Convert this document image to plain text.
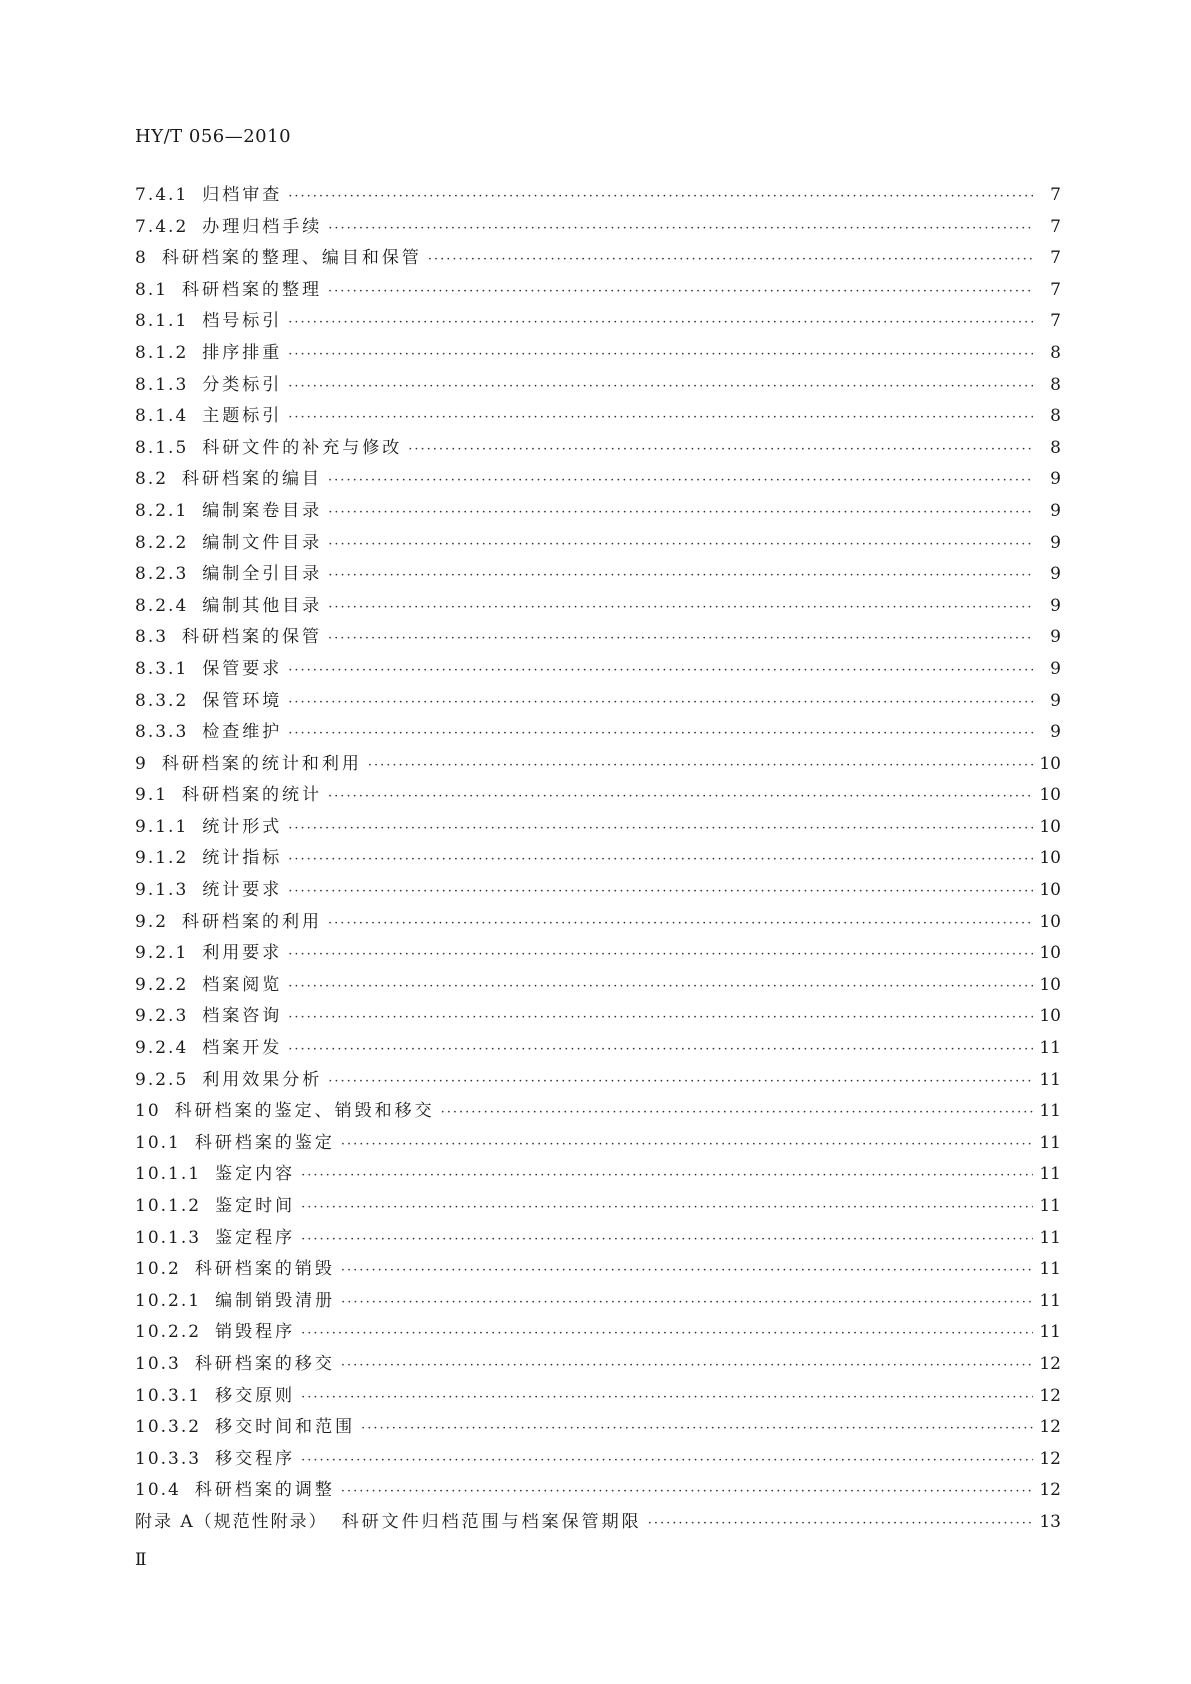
HY/T 056—2010
7.4.1 归档审查 ·····	7
7.4.2 办理归档手续 ·····	7
8 科研档案的整理、编目和保管 ·····	7
8.1 科研档案的整理 ·····	7
8.1.1 档号标引 ·····	7
8.1.2 排序排重 ·····	8
8.1.3 分类标引 ·····	8
8.1.4 主题标引 ·····	8
8.1.5 科研文件的补充与修改 ·····	8
8.2 科研档案的编目 ·····	9
8.2.1 编制案卷目录 ·····	9
8.2.2 编制文件目录 ·····	9
8.2.3 编制全引目录 ·····	9
8.2.4 编制其他目录 ·····	9
8.3 科研档案的保管 ·····	9
8.3.1 保管要求 ·····	9
8.3.2 保管环境 ·····	9
8.3.3 检查维护 ·····	9
9 科研档案的统计和利用 ·····	10
9.1 科研档案的统计 ·····	10
9.1.1 统计形式 ·····	10
9.1.2 统计指标 ·····	10
9.1.3 统计要求 ·····	10
9.2 科研档案的利用 ·····	10
9.2.1 利用要求 ·····	10
9.2.2 档案阅览 ·····	10
9.2.3 档案咨询 ·····	10
9.2.4 档案开发 ·····	11
9.2.5 利用效果分析 ·····	11
10 科研档案的鉴定、销毁和移交 ·····	11
10.1 科研档案的鉴定 ·····	11
10.1.1 鉴定内容 ·····	11
10.1.2 鉴定时间 ·····	11
10.1.3 鉴定程序 ·····	11
10.2 科研档案的销毁 ·····	11
10.2.1 编制销毁清册 ·····	11
10.2.2 销毁程序 ·····	11
10.3 科研档案的移交 ·····	12
10.3.1 移交原则 ·····	12
10.3.2 移交时间和范围 ·····	12
10.3.3 移交程序 ·····	12
10.4 科研档案的调整 ·····	12
附录 A（规范性附录） 科研文件归档范围与档案保管期限 ·····	13
Ⅱ
